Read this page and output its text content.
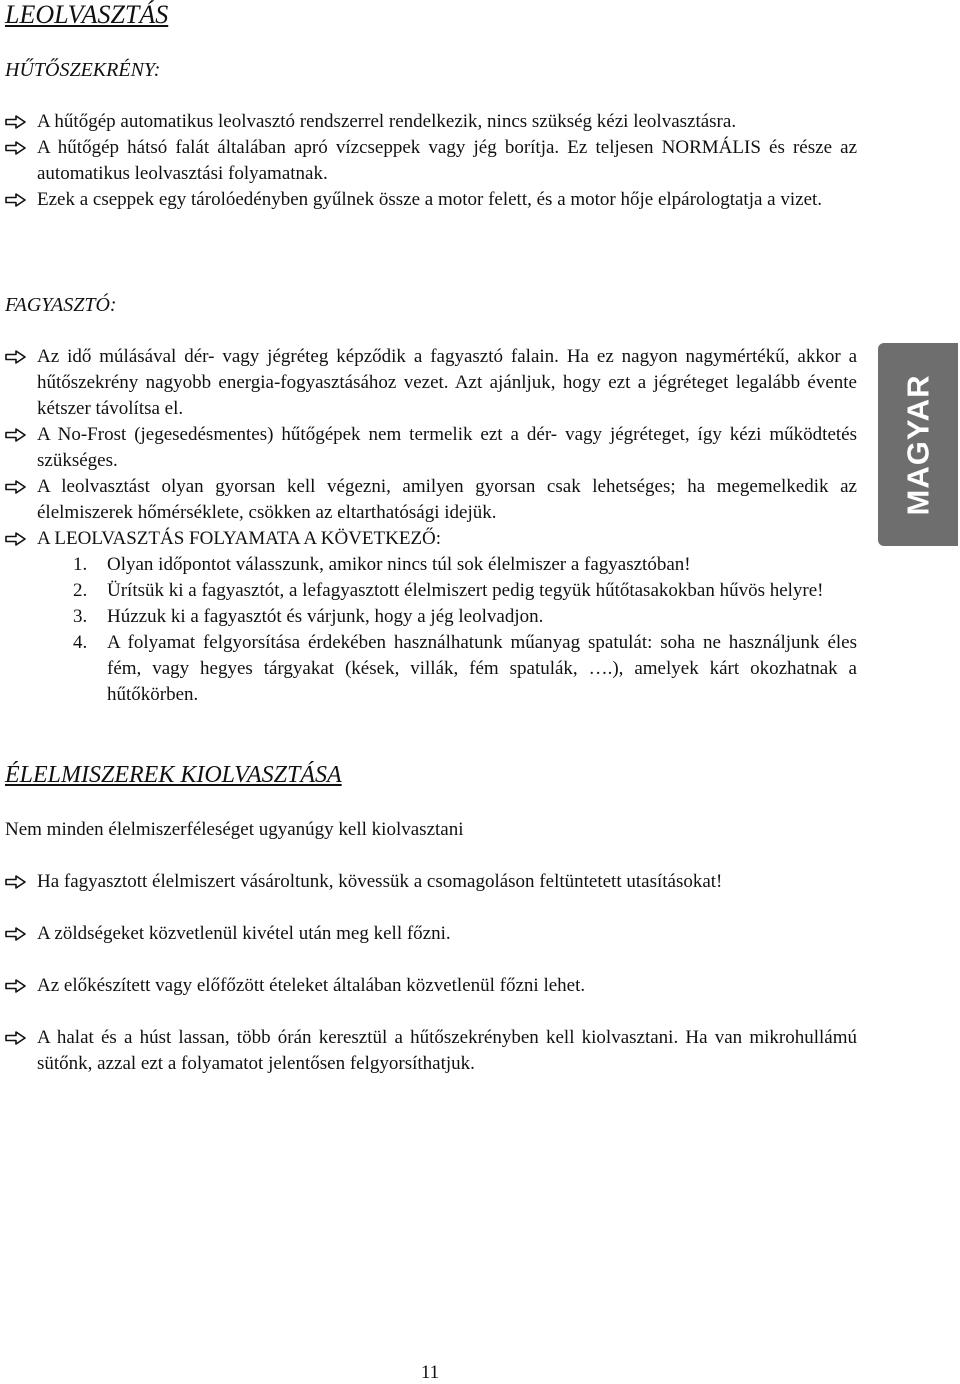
LEOLVASZTÁS
HŰTŐSZEKRÉNY:
A hűtőgép automatikus leolvasztó rendszerrel rendelkezik, nincs szükség kézi leolvasztásra.
A hűtőgép hátsó falát általában apró vízcseppek vagy jég borítja. Ez teljesen NORMÁLIS és része az automatikus leolvasztási folyamatnak.
Ezek a cseppek egy tárolóedényben gyűlnek össze a motor felett, és a motor hője elpárologtatja a vizet.
FAGYASZTÓ:
Az idő múlásával dér- vagy jégréteg képződik a fagyasztó falain. Ha ez nagyon nagymértékű, akkor a hűtőszekrény nagyobb energia-fogyasztásához vezet. Azt ajánljuk, hogy ezt a jégréteget legalább évente kétszer távolítsa el.
A No-Frost (jegesedésmentes) hűtőgépek nem termelik ezt a dér- vagy jégréteget, így kézi működtetés szükséges.
A leolvasztást olyan gyorsan kell végezni, amilyen gyorsan csak lehetséges; ha megemelkedik az élelmiszerek hőmérséklete, csökken az eltarthatósági idejük.
A LEOLVASZTÁS FOLYAMATA A KÖVETKEZŐ:
1. Olyan időpontot válasszunk, amikor nincs túl sok élelmiszer a fagyasztóban!
2. Ürítsük ki a fagyasztót, a lefagyasztott élelmiszert pedig tegyük hűtőtasakokban hűvös helyre!
3. Húzzuk ki a fagyasztót és várjunk, hogy a jég leolvadjon.
4. A folyamat felgyorsítása érdekében használhatunk műanyag spatulát: soha ne használjunk éles fém, vagy hegyes tárgyakat (kések, villák, fém spatulák, ….), amelyek kárt okozhatnak a hűtőkörben.
ÉLELMISZEREK KIOLVASZTÁSA

Nem minden élelmiszerféleséget ugyanúgy kell kiolvasztani

Ha fagyasztott élelmiszert vásároltunk, kövessük a csomagoláson feltüntetett utasításokat!
A zöldségeket közvetlenül kivétel után meg kell főzni.
Az előkészített vagy előfőzött ételeket általában közvetlenül főzni lehet.
A halat és a húst lassan, több órán keresztül a hűtőszekrényben kell kiolvasztani. Ha van mikrohullámú sütőnk, azzal ezt a folyamatot jelentősen felgyorsíthatjuk.
MAGYAR
11
